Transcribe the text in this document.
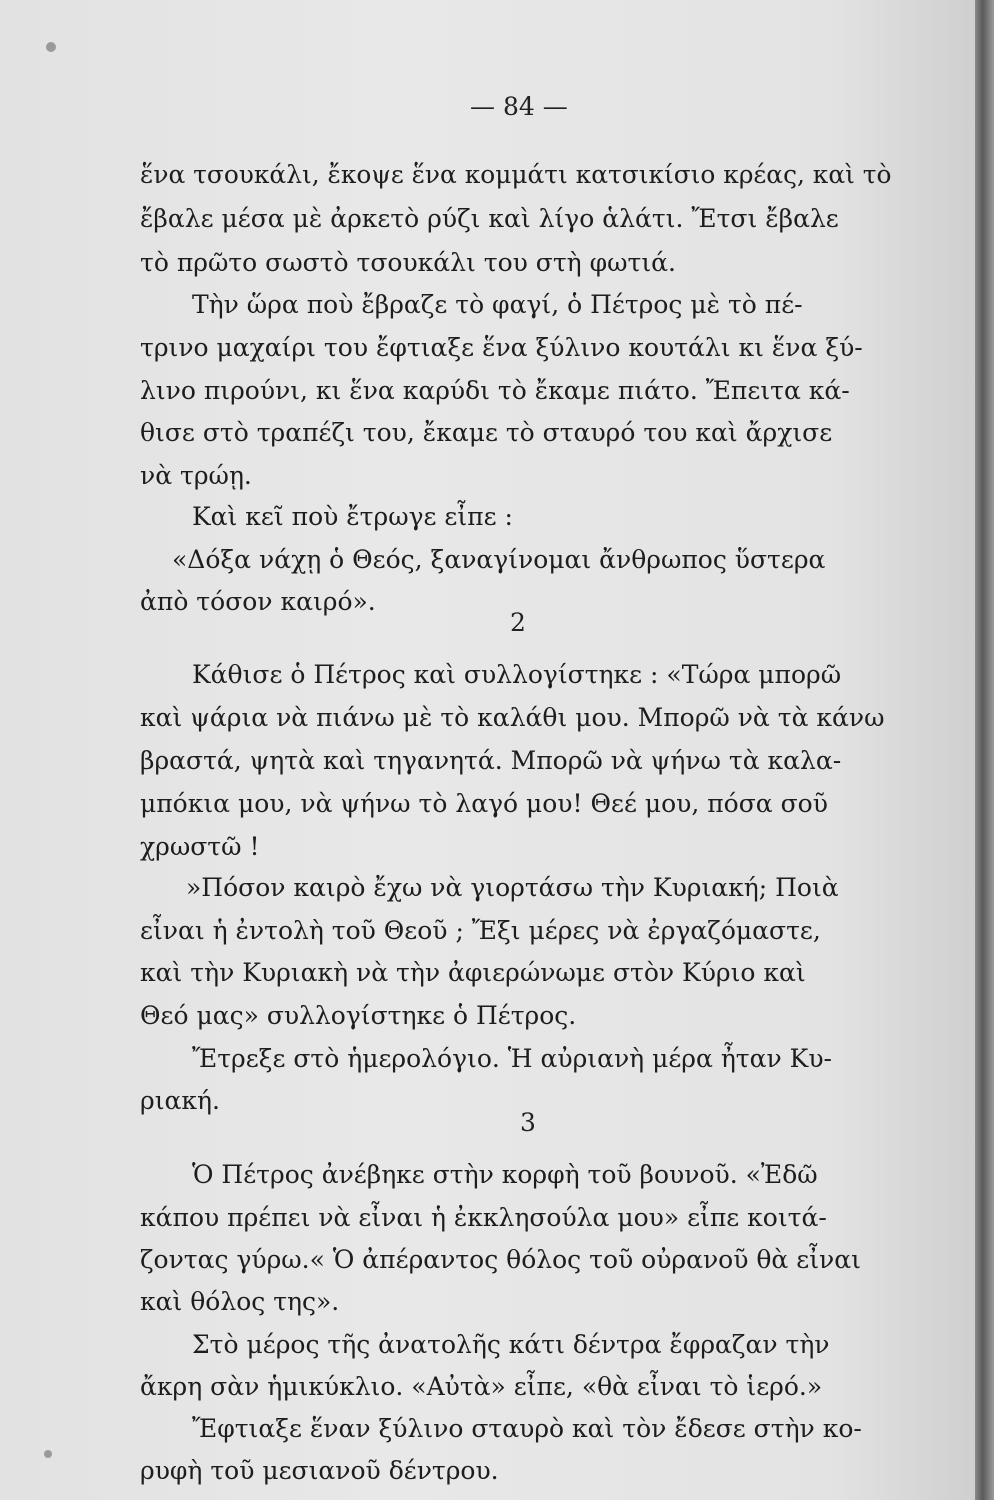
— 84 —
ἕνα τσουκάλι, ἔκοψε ἕνα κομμάτι κατσικίσιο κρέας, καὶ τὸ
ἔβαλε μέσα μὲ ἀρκετὸ ρύζι καὶ λίγο ἁλάτι. Ἔτσι ἔβαλε
τὸ πρῶτο σωστὸ τσουκάλι του στὴ φωτιά.
Τὴν ὥρα ποὺ ἔβραζε τὸ φαγί, ὁ Πέτρος μὲ τὸ πέ-
τρινο μαχαίρι του ἔφτιαξε ἕνα ξύλινο κουτάλι κι ἕνα ξύ-
λινο πιρούνι, κι ἕνα καρύδι τὸ ἔκαμε πιάτο. Ἔπειτα κά-
θισε στὸ τραπέζι του, ἔκαμε τὸ σταυρό του καὶ ἄρχισε
νὰ τρώῃ.
Καὶ κεῖ ποὺ ἔτρωγε εἶπε :
«Δόξα νάχῃ ὁ Θεός, ξαναγίνομαι ἄνθρωπος ὕστερα
ἀπὸ τόσον καιρό».
2
Κάθισε ὁ Πέτρος καὶ συλλογίστηκε : «Τώρα μπορῶ
καὶ ψάρια νὰ πιάνω μὲ τὸ καλάθι μου. Μπορῶ νὰ τὰ κάνω
βραστά, ψητὰ καὶ τηγανητά. Μπορῶ νὰ ψήνω τὰ καλα-
μπόκια μου, νὰ ψήνω τὸ λαγό μου! Θεέ μου, πόσα σοῦ
χρωστῶ !
»Πόσον καιρὸ ἔχω νὰ γιορτάσω τὴν Κυριακή; Ποιὰ
εἶναι ἡ ἐντολὴ τοῦ Θεοῦ ; Ἔξι μέρες νὰ ἐργαζόμαστε,
καὶ τὴν Κυριακὴ νὰ τὴν ἀφιερώνωμε στὸν Κύριο καὶ
Θεό μας» συλλογίστηκε ὁ Πέτρος.
Ἔτρεξε στὸ ἡμερολόγιο. Ἡ αὐριανὴ μέρα ἦταν Κυ-
ριακή.
3
Ὁ Πέτρος ἀνέβηκε στὴν κορφὴ τοῦ βουνοῦ. «Ἐδῶ
κάπου πρέπει νὰ εἶναι ἡ ἐκκλησούλα μου» εἶπε κοιτά-
ζοντας γύρω.« Ὁ ἀπέραντος θόλος τοῦ οὐρανοῦ θὰ εἶναι
καὶ θόλος της».
Στὸ μέρος τῆς ἀνατολῆς κάτι δέντρα ἔφραζαν τὴν
ἄκρη σὰν ἡμικύκλιο. «Αὐτὰ» εἶπε, «θὰ εἶναι τὸ ἱερό.»
Ἔφτιαξε ἕναν ξύλινο σταυρὸ καὶ τὸν ἔδεσε στὴν κο-
ρυφὴ τοῦ μεσιανοῦ δέντρου.
